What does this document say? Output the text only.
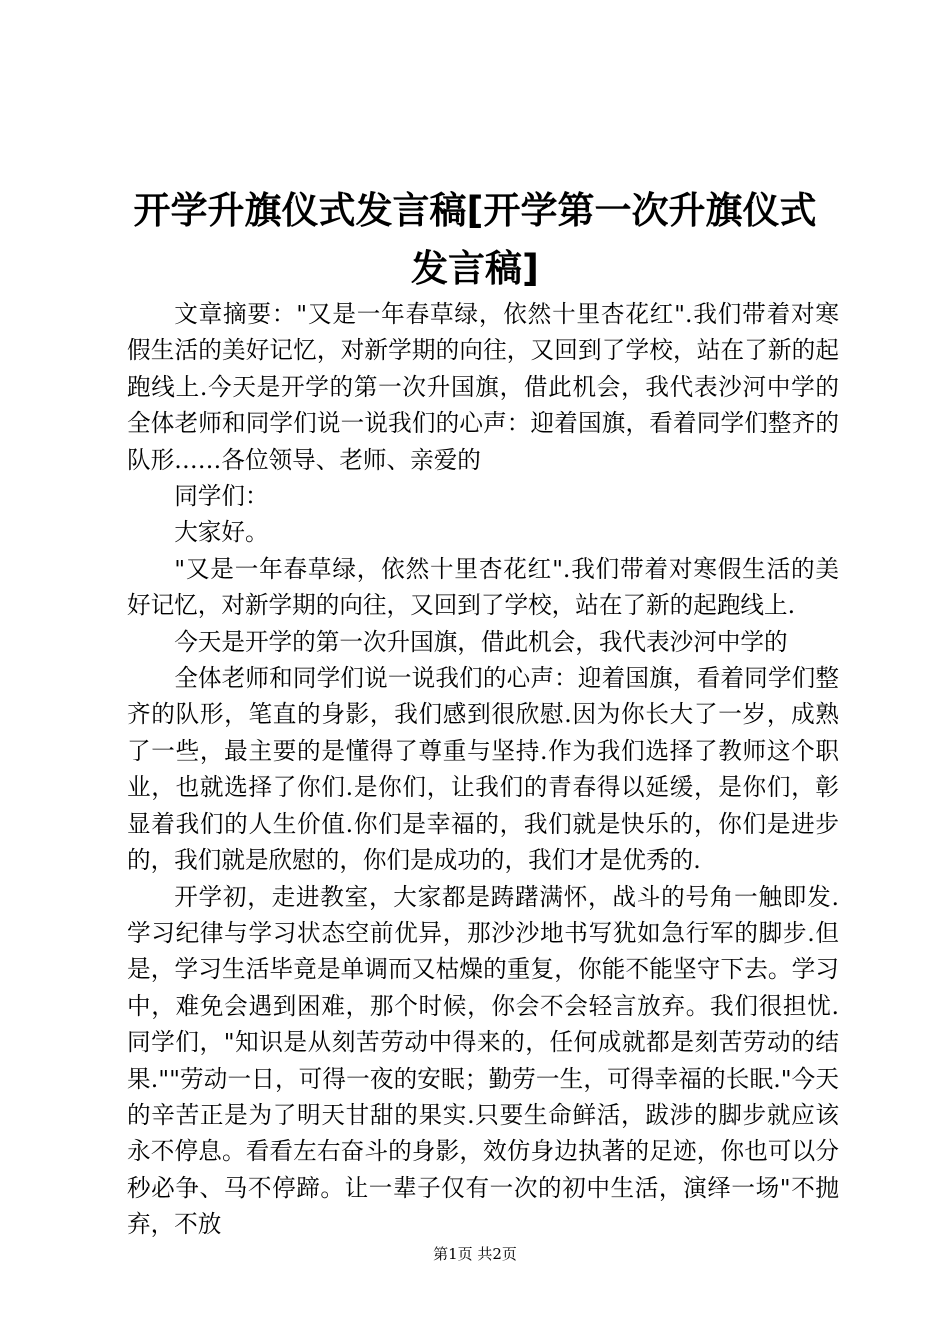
开学升旗仪式发言稿[开学第一次升旗仪式发言稿]

文章摘要："又是一年春草绿，依然十里杏花红".我们带着对寒假生活的美好记忆，对新学期的向往，又回到了学校，站在了新的起跑线上.今天是开学的第一次升国旗，借此机会，我代表沙河中学的全体老师和同学们说一说我们的心声：迎着国旗，看着同学们整齐的队形……各位领导、老师、亲爱的

同学们：

大家好。

"又是一年春草绿，依然十里杏花红".我们带着对寒假生活的美好记忆，对新学期的向往，又回到了学校，站在了新的起跑线上.

今天是开学的第一次升国旗，借此机会，我代表沙河中学的

全体老师和同学们说一说我们的心声：迎着国旗，看着同学们整齐的队形，笔直的身影，我们感到很欣慰.因为你长大了一岁，成熟了一些，最主要的是懂得了尊重与坚持.作为我们选择了教师这个职业，也就选择了你们.是你们，让我们的青春得以延缓，是你们，彰显着我们的人生价值.你们是幸福的，我们就是快乐的，你们是进步的，我们就是欣慰的，你们是成功的，我们才是优秀的.

开学初，走进教室，大家都是踌躇满怀，战斗的号角一触即发.学习纪律与学习状态空前优异，那沙沙地书写犹如急行军的脚步.但是，学习生活毕竟是单调而又枯燥的重复，你能不能坚守下去。学习中，难免会遇到困难，那个时候，你会不会轻言放弃。我们很担忧.同学们，"知识是从刻苦劳动中得来的，任何成就都是刻苦劳动的结果.""劳动一日，可得一夜的安眠；勤劳一生，可得幸福的长眠."今天的辛苦正是为了明天甘甜的果实.只要生命鲜活，跋涉的脚步就应该永不停息。看看左右奋斗的身影，效仿身边执著的足迹，你也可以分秒必争、马不停蹄。让一辈子仅有一次的初中生活，演绎一场"不抛弃，不放

第1页 共2页
